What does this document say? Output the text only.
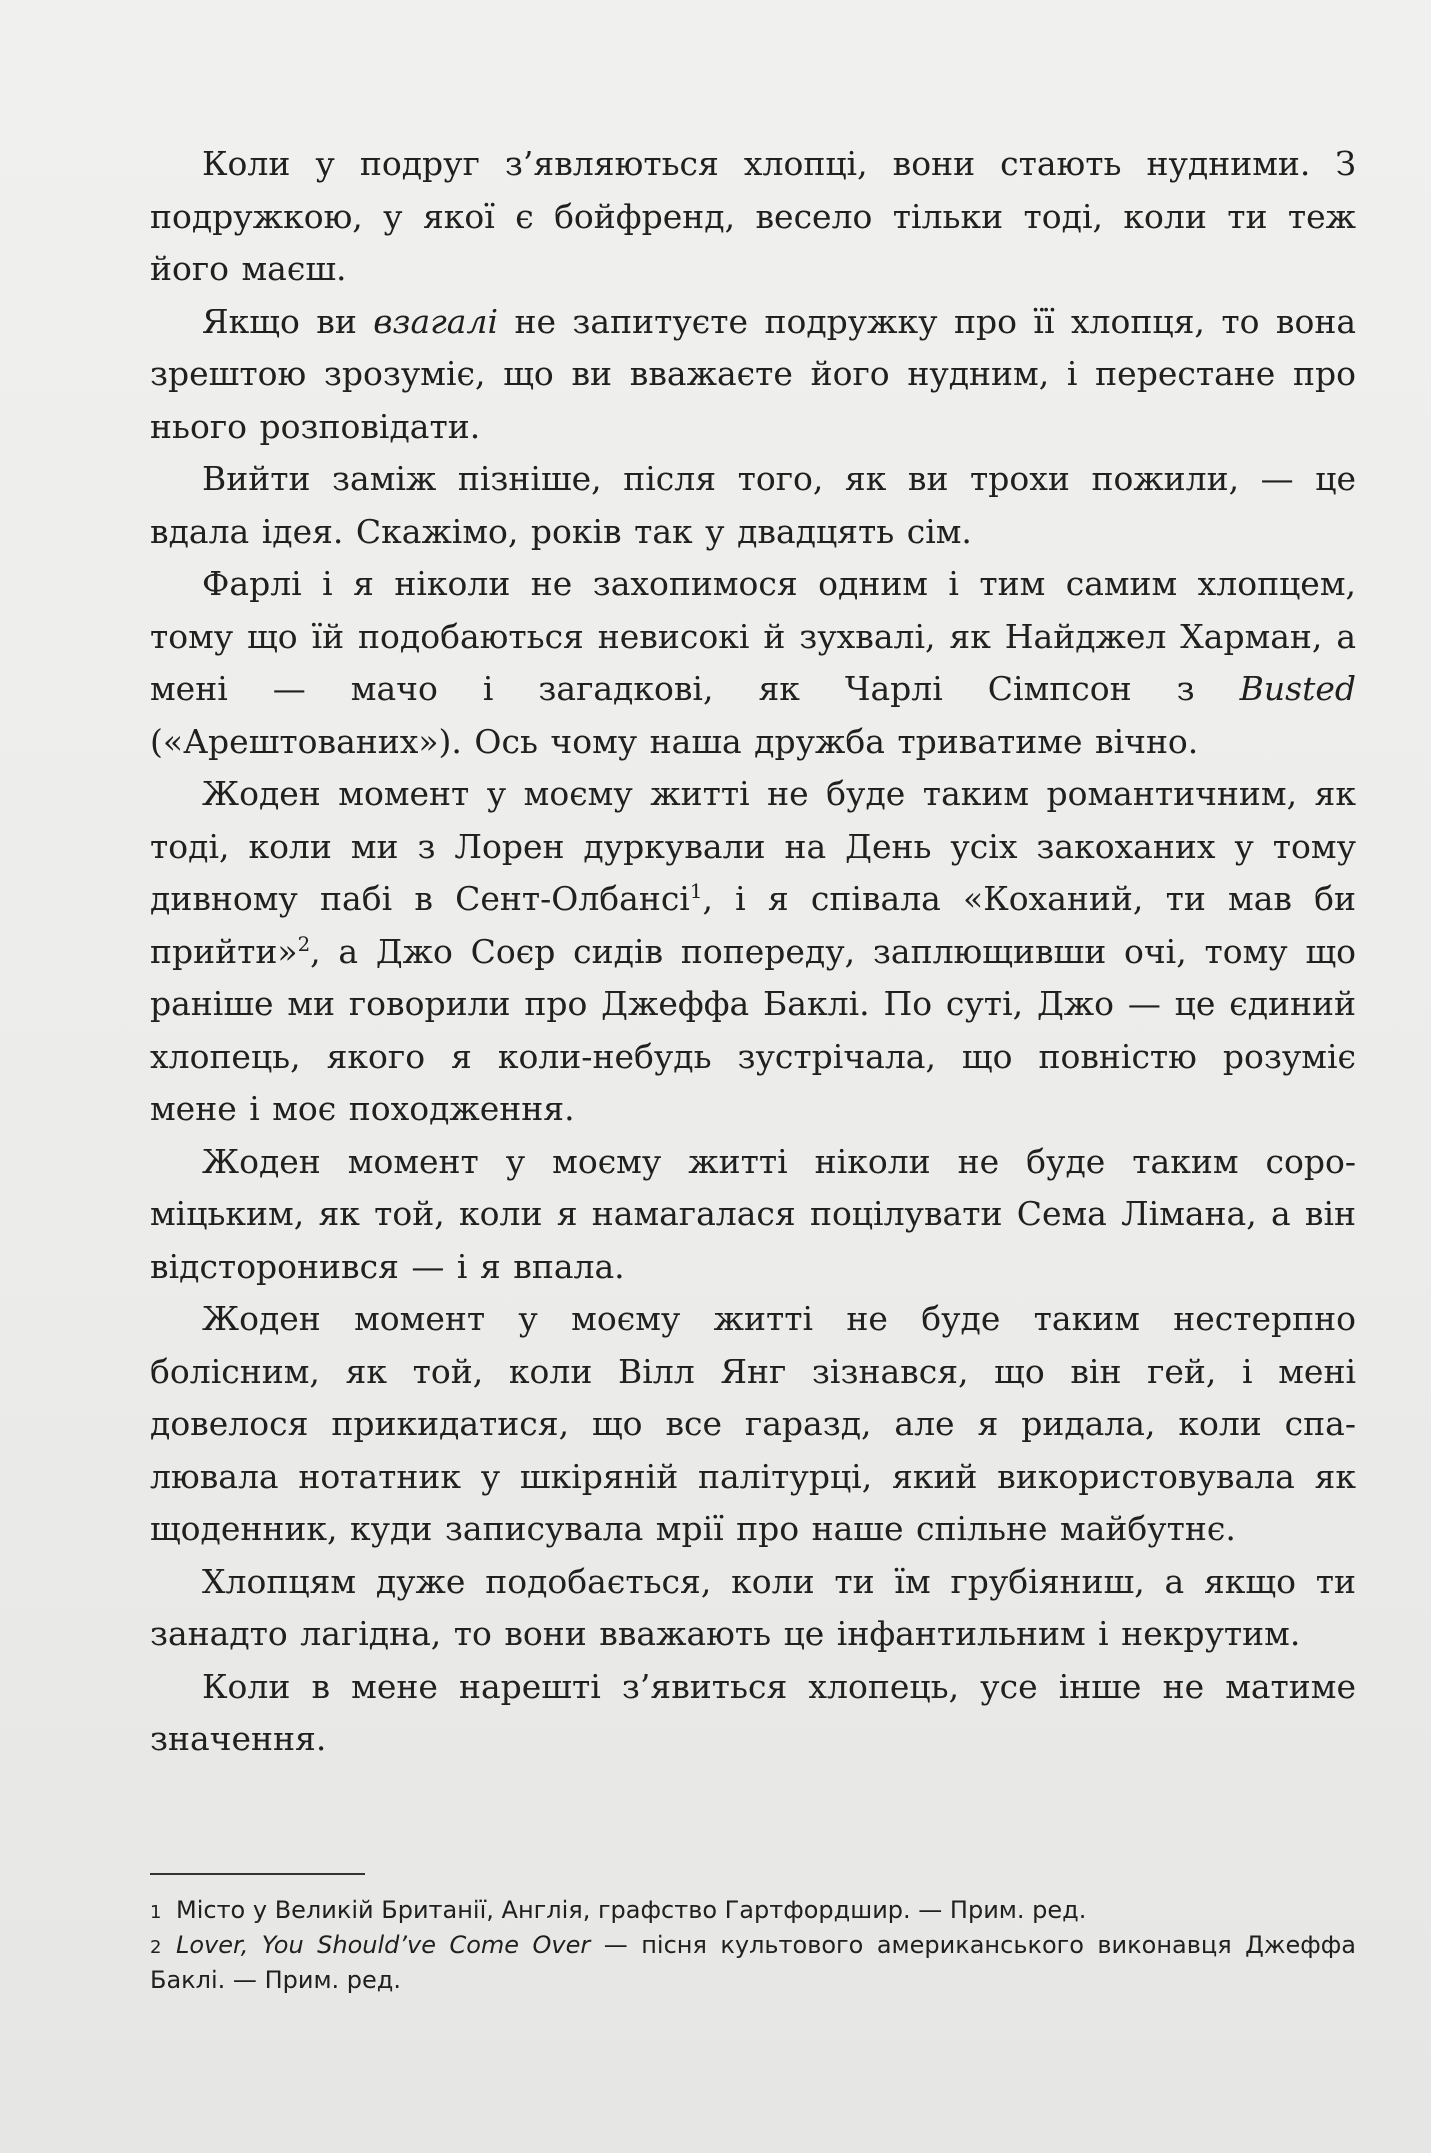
Коли у подруг з’являються хлопці, вони стають нудними. З подружкою, у якої є бойфренд, весело тільки тоді, коли ти теж його маєш.

Якщо ви взагалі не запитуєте подружку про її хлопця, то вона зрештою зрозуміє, що ви вважаєте його нудним, і перестане про нього розповідати.

Вийти заміж пізніше, після того, як ви трохи пожили, — це вдала ідея. Скажімо, років так у двадцять сім.

Фарлі і я ніколи не захопимося одним і тим самим хлопцем, тому що їй подобаються невисокі й зухвалі, як Найджел Харман, а мені — мачо і загадкові, як Чарлі Сімпсон з Busted («Арештованих»). Ось чому наша дружба триватиме вічно.

Жоден момент у моєму житті не буде таким романтичним, як тоді, коли ми з Лорен дуркували на День усіх закоханих у тому дивному пабі в Сент-Олбансі$^1$, і я співала «Коханий, ти мав би прийти»$^2$, а Джо Соєр сидів попереду, заплющивши очі, тому що раніше ми говорили про Джеффа Баклі. По суті, Джо — це єдиний хлопець, якого я коли-небудь зустрічала, що повністю розуміє мене і моє походження.

Жоден момент у моєму житті ніколи не буде таким сороміцьким, як той, коли я намагалася поцілувати Сема Лімана, а він відсторонився — і я впала.

Жоден момент у моєму житті не буде таким нестерпно болісним, як той, коли Вілл Янг зізнався, що він гей, і мені довелося прикидатися, що все гаразд, але я ридала, коли спалювала нотатник у шкіряній палітурці, який використовувала як щоденник, куди записувала мрії про наше спільне майбутнє.

Хлопцям дуже подобається, коли ти їм грубіяниш, а якщо ти занадто лагідна, то вони вважають це інфантильним і некрутим.

Коли в мене нарешті з’явиться хлопець, усе інше не матиме значення.

1 Місто у Великій Британії, Англія, графство Гартфордшир. — Прим. ред.

2 Lover, You Should’ve Come Over — пісня культового американського виконавця Джеффа Баклі. — Прим. ред.
